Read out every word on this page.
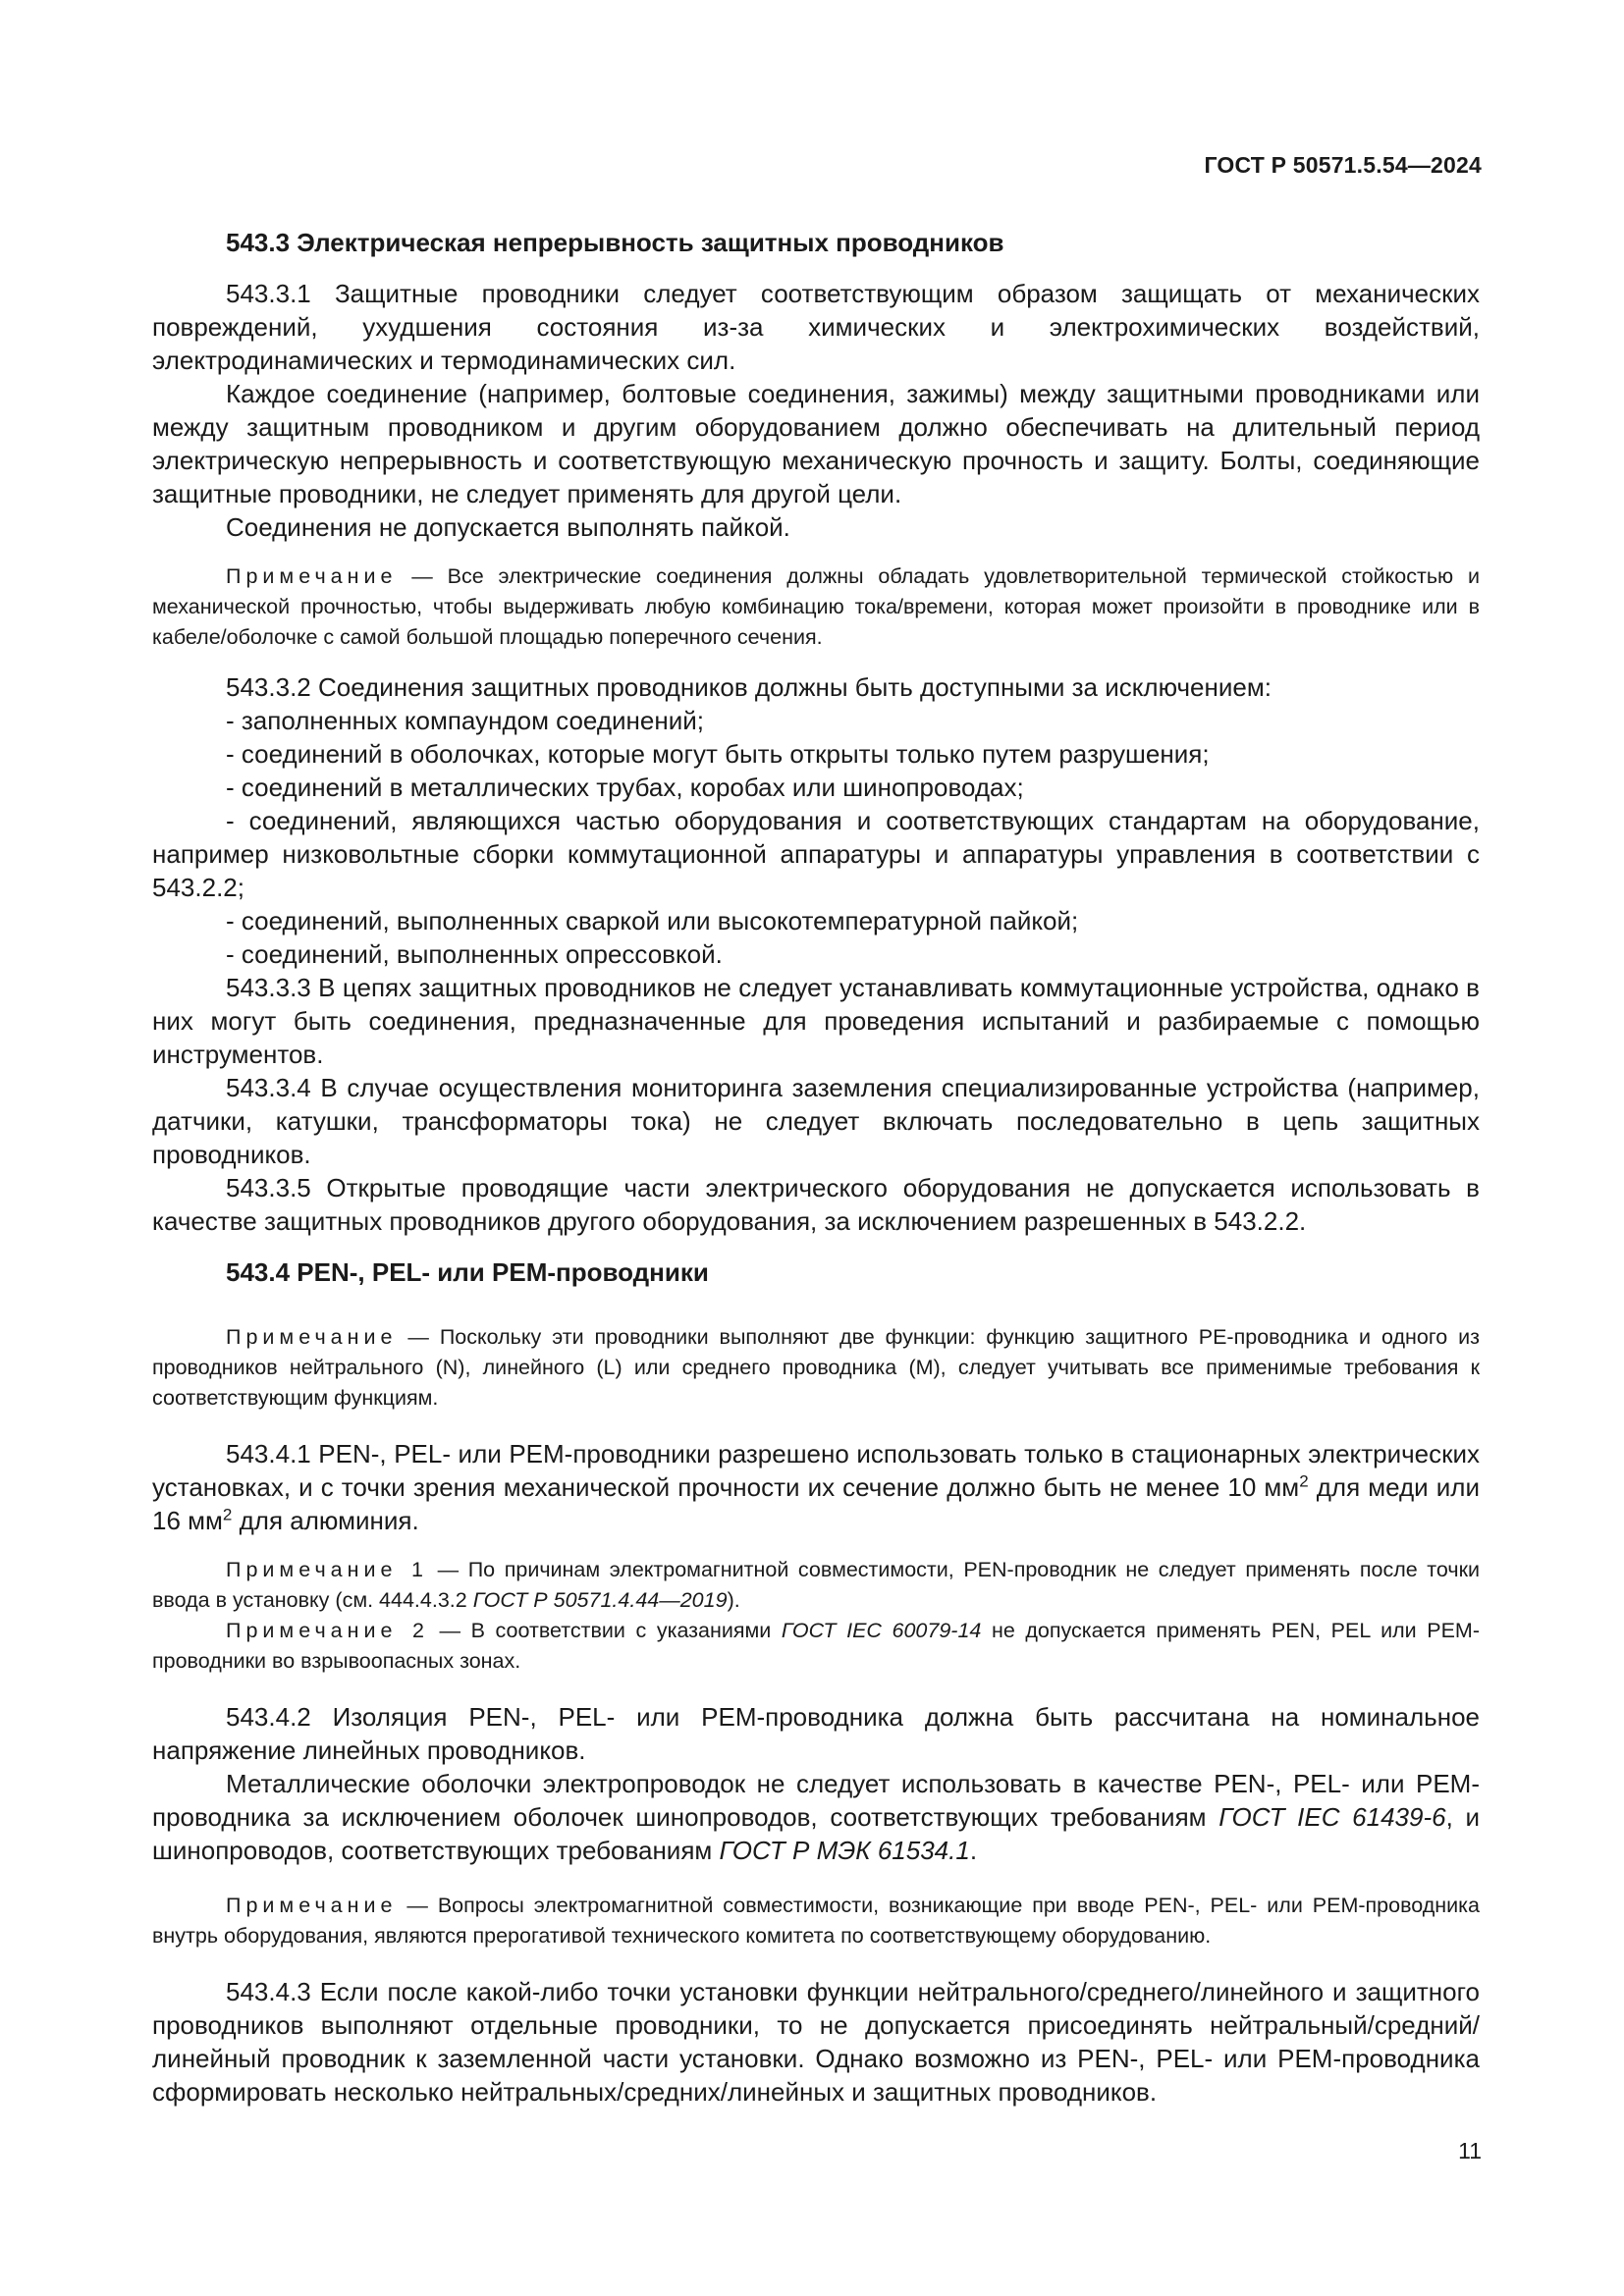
ГОСТ Р 50571.5.54—2024

543.3 Электрическая непрерывность защитных проводников

543.3.1 Защитные проводники следует соответствующим образом защищать от механических повреждений, ухудшения состояния из-за химических и электрохимических воздействий, электродинамических и термодинамических сил.

Каждое соединение (например, болтовые соединения, зажимы) между защитными проводниками или между защитным проводником и другим оборудованием должно обеспечивать на длительный период электрическую непрерывность и соответствующую механическую прочность и защиту. Болты, соединяющие защитные проводники, не следует применять для другой цели.

Соединения не допускается выполнять пайкой.

Примечание — Все электрические соединения должны обладать удовлетворительной термической стойкостью и механической прочностью, чтобы выдерживать любую комбинацию тока/времени, которая может произойти в проводнике или в кабеле/оболочке с самой большой площадью поперечного сечения.

543.3.2 Соединения защитных проводников должны быть доступными за исключением:

- заполненных компаундом соединений;

- соединений в оболочках, которые могут быть открыты только путем разрушения;

- соединений в металлических трубах, коробах или шинопроводах;

- соединений, являющихся частью оборудования и соответствующих стандартам на оборудование, например низковольтные сборки коммутационной аппаратуры и аппаратуры управления в соответствии с 543.2.2;

- соединений, выполненных сваркой или высокотемпературной пайкой;

- соединений, выполненных опрессовкой.

543.3.3 В цепях защитных проводников не следует устанавливать коммутационные устройства, однако в них могут быть соединения, предназначенные для проведения испытаний и разбираемые с помощью инструментов.

543.3.4 В случае осуществления мониторинга заземления специализированные устройства (например, датчики, катушки, трансформаторы тока) не следует включать последовательно в цепь защитных проводников.

543.3.5 Открытые проводящие части электрического оборудования не допускается использовать в качестве защитных проводников другого оборудования, за исключением разрешенных в 543.2.2.

543.4 PEN-, PEL- или PEM-проводники

Примечание — Поскольку эти проводники выполняют две функции: функцию защитного PE-проводника и одного из проводников нейтрального (N), линейного (L) или среднего проводника (M), следует учитывать все применимые требования к соответствующим функциям.

543.4.1 PEN-, PEL- или PEM-проводники разрешено использовать только в стационарных электрических установках, и с точки зрения механической прочности их сечение должно быть не менее 10 $мм^2$ для меди или 16 $мм^2$ для алюминия.

Примечание 1 — По причинам электромагнитной совместимости, PEN-проводник не следует применять после точки ввода в установку (см. 444.4.3.2 ГОСТ Р 50571.4.44—2019).

Примечание 2 — В соответствии с указаниями ГОСТ IEC 60079-14 не допускается применять PEN, PEL или PEM-проводники во взрывоопасных зонах.

543.4.2 Изоляция PEN-, PEL- или PEM-проводника должна быть рассчитана на номинальное напряжение линейных проводников.

Металлические оболочки электропроводок не следует использовать в качестве PEN-, PEL- или PEM-проводника за исключением оболочек шинопроводов, соответствующих требованиям ГОСТ IEC 61439-6, и шинопроводов, соответствующих требованиям ГОСТ Р МЭК 61534.1.

Примечание — Вопросы электромагнитной совместимости, возникающие при вводе PEN-, PEL- или PEM-проводника внутрь оборудования, являются прерогативой технического комитета по соответствующему оборудованию.

543.4.3 Если после какой-либо точки установки функции нейтрального/среднего/линейного и защитного проводников выполняют отдельные проводники, то не допускается присоединять нейтральный/средний/линейный проводник к заземленной части установки. Однако возможно из PEN-, PEL- или PEM-проводника сформировать несколько нейтральных/средних/линейных и защитных проводников.

11
